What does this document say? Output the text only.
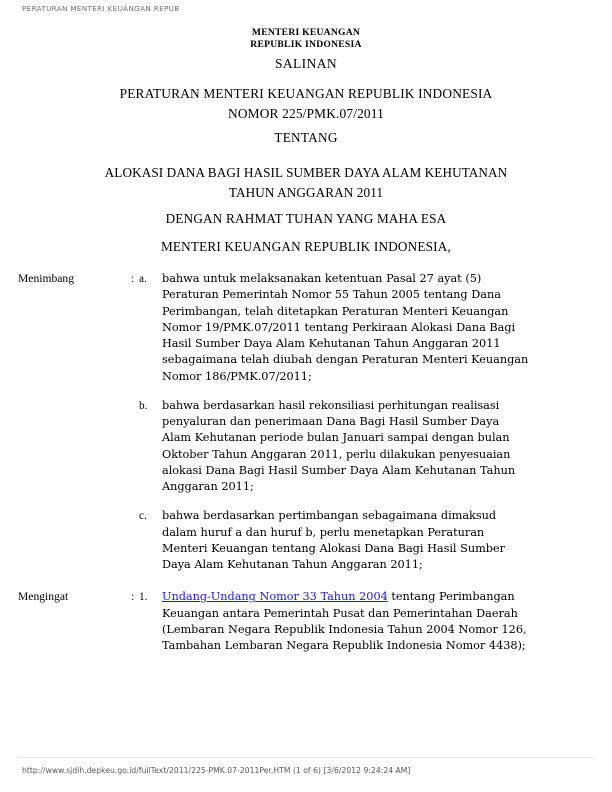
PERATURAN MENTERI KEUANGAN REPUB
MENTERI KEUANGAN
REPUBLIK INDONESIA
SALINAN
PERATURAN MENTERI KEUANGAN REPUBLIK INDONESIA
NOMOR 225/PMK.07/2011
TENTANG
ALOKASI DANA BAGI HASIL SUMBER DAYA ALAM KEHUTANAN
TAHUN ANGGARAN 2011
DENGAN RAHMAT TUHAN YANG MAHA ESA
MENTERI KEUANGAN REPUBLIK INDONESIA,
Menimbang	: a. bahwa untuk melaksanakan ketentuan Pasal 27 ayat (5)
Peraturan Pemerintah Nomor 55 Tahun 2005 tentang Dana
Perimbangan, telah ditetapkan Peraturan Menteri Keuangan
Nomor 19/PMK.07/2011 tentang Perkiraan Alokasi Dana Bagi
Hasil Sumber Daya Alam Kehutanan Tahun Anggaran 2011
sebagaimana telah diubah dengan Peraturan Menteri Keuangan
Nomor 186/PMK.07/2011;
b. bahwa berdasarkan hasil rekonsiliasi perhitungan realisasi
penyaluran dan penerimaan Dana Bagi Hasil Sumber Daya
Alam Kehutanan periode bulan Januari sampai dengan bulan
Oktober Tahun Anggaran 2011, perlu dilakukan penyesuaian
alokasi Dana Bagi Hasil Sumber Daya Alam Kehutanan Tahun
Anggaran 2011;
c. bahwa berdasarkan pertimbangan sebagaimana dimaksud
dalam huruf a dan huruf b, perlu menetapkan Peraturan
Menteri Keuangan tentang Alokasi Dana Bagi Hasil Sumber
Daya Alam Kehutanan Tahun Anggaran 2011;
Mengingat	: 1. Undang-Undang Nomor 33 Tahun 2004 tentang Perimbangan
Keuangan antara Pemerintah Pusat dan Pemerintahan Daerah
(Lembaran Negara Republik Indonesia Tahun 2004 Nomor 126,
Tambahan Lembaran Negara Republik Indonesia Nomor 4438);
http://www.sjdih.depkeu.go.id/fullText/2011/225-PMK.07-2011Per.HTM (1 of 6) [3/6/2012 9:24:24 AM]
